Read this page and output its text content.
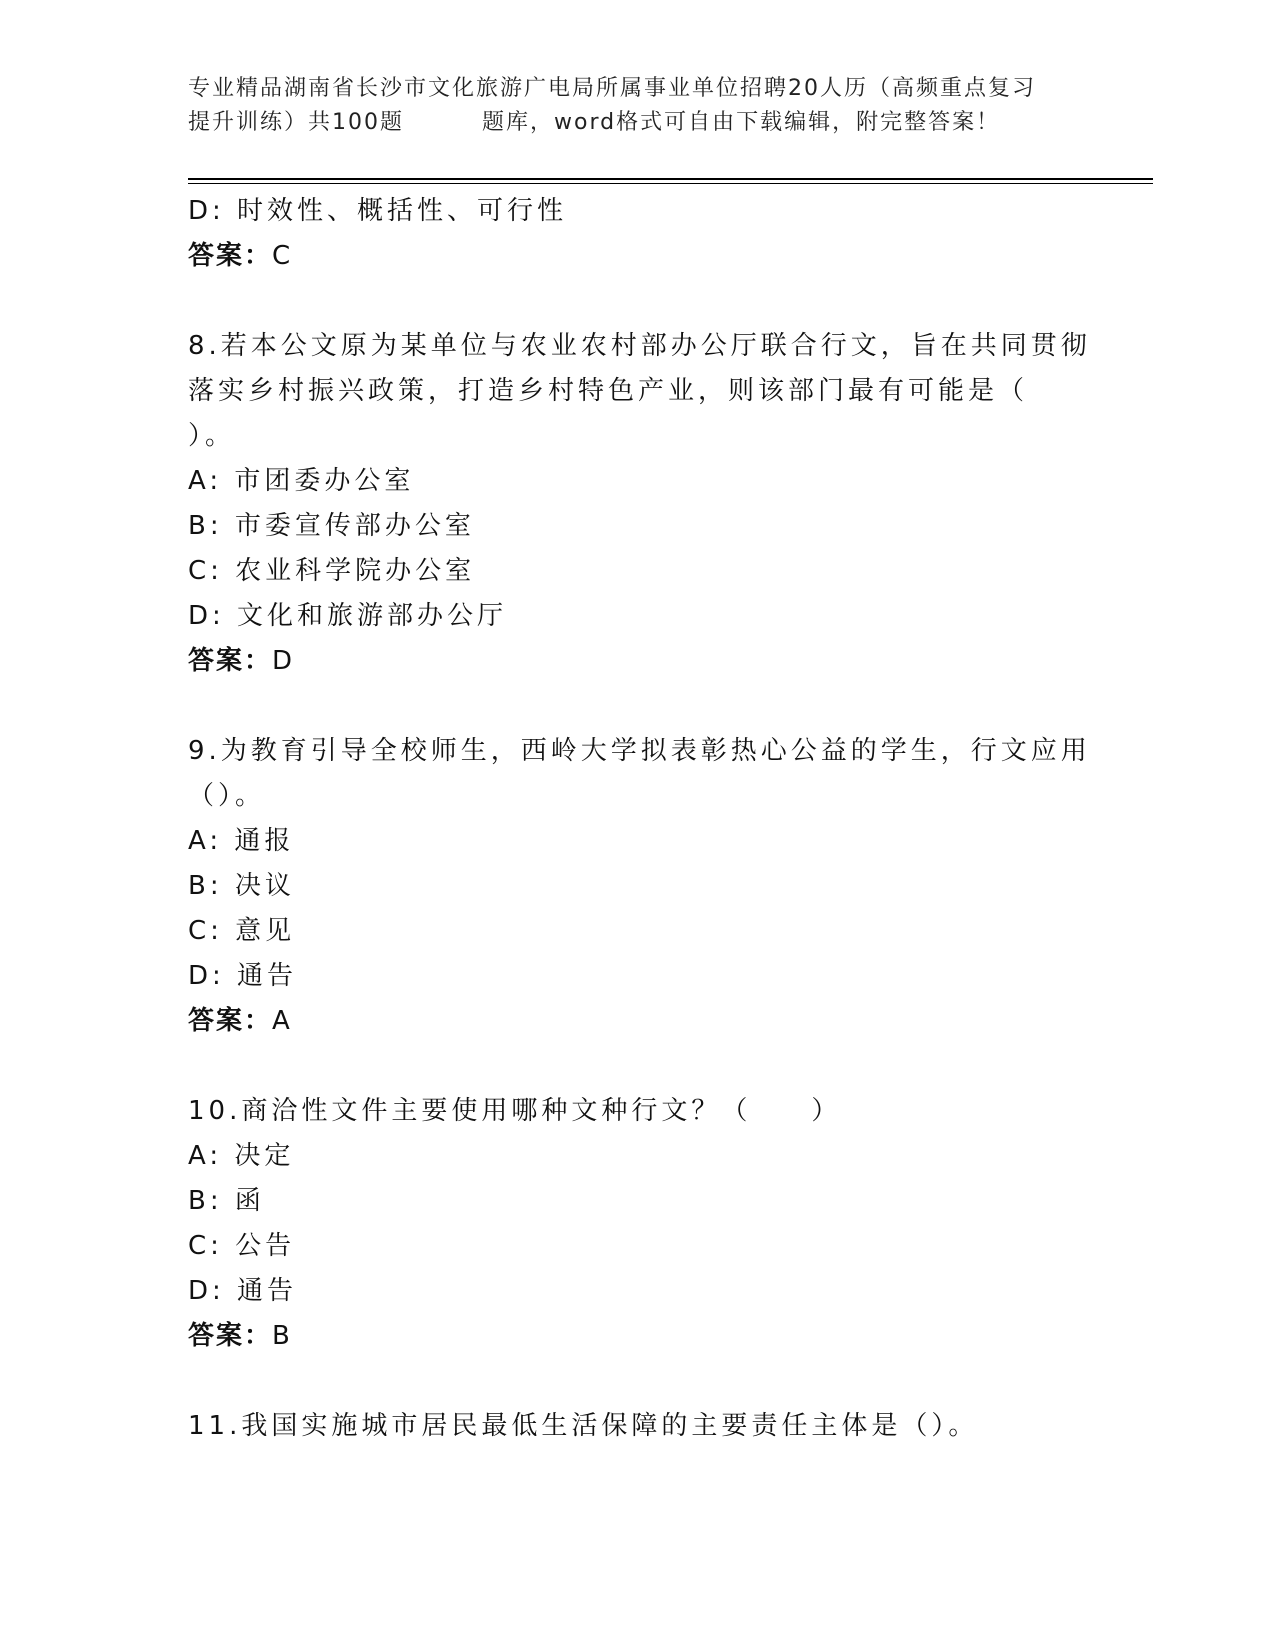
专业精品湖南省长沙市文化旅游广电局所属事业单位招聘20人历（高频重点复习
提升训练）共100题	题库，word格式可自由下载编辑，附完整答案！
D: 时效性、概括性、可行性
答案：C
8.若本公文原为某单位与农业农村部办公厅联合行文，旨在共同贯彻
落实乡村振兴政策，打造乡村特色产业，则该部门最有可能是（
）。
A: 市团委办公室
B: 市委宣传部办公室
C: 农业科学院办公室
D: 文化和旅游部办公厅
答案：D
9.为教育引导全校师生，西岭大学拟表彰热心公益的学生，行文应用
（）。
A: 通报
B: 决议
C: 意见
D: 通告
答案：A
10.商洽性文件主要使用哪种文种行文？（　　）
A: 决定
B: 函
C: 公告
D: 通告
答案：B
11.我国实施城市居民最低生活保障的主要责任主体是（）。
